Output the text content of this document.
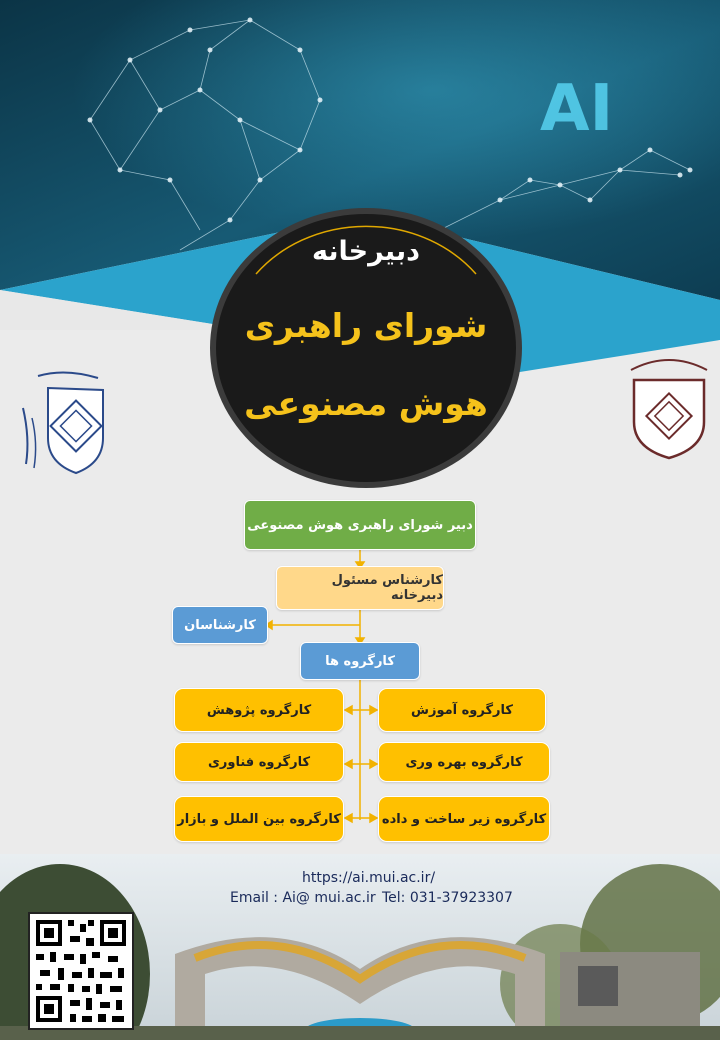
AI
دبیرخانه
شورای راهبری
هوش مصنوعی
دبیر شورای راهبری هوش مصنوعی
کارشناس مسئول دبیرخانه
کارشناسان
کارگروه ها
کارگروه آموزش
کارگروه بهره وری
کارگروه زیر ساخت و داده
کارگروه پژوهش
کارگروه فناوری
کارگروه بین الملل و بازار
https://ai.mui.ac.ir/
Email : Ai@ mui.ac.ir Tel: 031-37923307
